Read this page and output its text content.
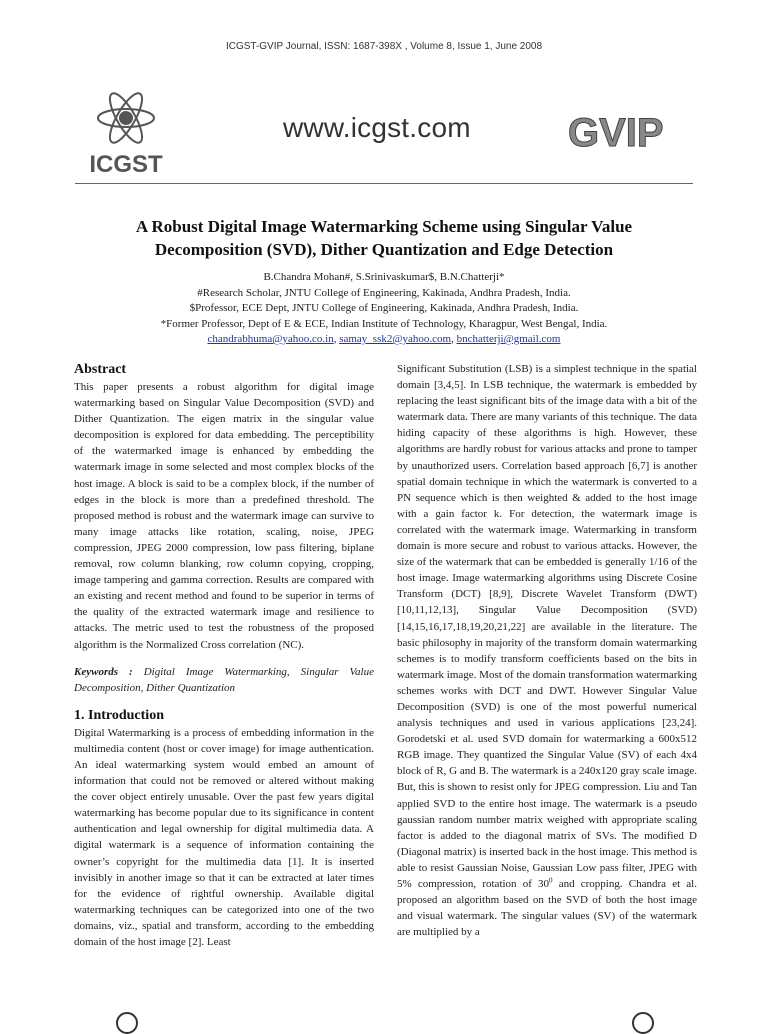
ICGST-GVIP Journal, ISSN: 1687-398X , Volume 8, Issue 1, June 2008
ICGST
www.icgst.com GVIP
A Robust Digital Image Watermarking Scheme using Singular Value
Decomposition (SVD), Dither Quantization and Edge Detection
B.Chandra Mohan#, S.Srinivaskumar$, B.N.Chatterji*
#Research Scholar, JNTU College of Engineering, Kakinada, Andhra Pradesh, India.
$Professor, ECE Dept, JNTU College of Engineering, Kakinada, Andhra Pradesh, India.
*Former Professor, Dept of E & ECE, Indian Institute of Technology, Kharagpur, West Bengal, India.
chandrabhuma@yahoo.co.in, samay_ssk2@yahoo.com, bnchatterji@gmail.com
Abstract

This paper presents a robust algorithm for digital image watermarking based on Singular Value Decomposition (SVD) and Dither Quantization. The eigen matrix in the singular value decomposition is explored for data embedding. The perceptibility of the watermarked image is enhanced by embedding the watermark image in some selected and most complex blocks of the host image. A block is said to be a complex block, if the number of edges in the block is more than a predefined threshold. The proposed method is robust and the watermark image can survive to many image attacks like rotation, scaling, noise, JPEG compression, JPEG 2000 compression, low pass filtering, biplane removal, row column blanking, row column copying, cropping, image tampering and gamma correction. Results are compared with an existing and recent method and found to be superior in terms of the quality of the extracted watermark image and resilience to attacks. The metric used to test the robustness of the proposed algorithm is the Normalized Cross correlation (NC).

Keywords : Digital Image Watermarking, Singular Value Decomposition, Dither Quantization

1. Introduction

Digital Watermarking is a process of embedding information in the multimedia content (host or cover image) for image authentication. An ideal watermarking system would embed an amount of information that could not be removed or altered without making the cover object entirely unusable. Over the past few years digital watermarking has become popular due to its significance in content authentication and legal ownership for digital multimedia data. A digital watermark is a sequence of information containing the owner’s copyright for the multimedia data [1]. It is inserted invisibly in another image so that it can be extracted at later times for the evidence of rightful ownership. Available digital watermarking techniques can be categorized into one of the two domains, viz., spatial and transform, according to the embedding domain of the host image [2]. Least

Significant Substitution (LSB) is a simplest technique in the spatial domain [3,4,5]. In LSB technique, the watermark is embedded by replacing the least significant bits of the image data with a bit of the watermark data. There are many variants of this technique. The data hiding capacity of these algorithms is high. However, these algorithms are hardly robust for various attacks and prone to tamper by unauthorized users. Correlation based approach [6,7] is another spatial domain technique in which the watermark is converted to a PN sequence which is then weighted & added to the host image with a gain factor k. For detection, the watermark image is correlated with the watermark image. Watermarking in transform domain is more secure and robust to various attacks. However, the size of the watermark that can be embedded is generally 1/16 of the host image. Image watermarking algorithms using Discrete Cosine Transform (DCT) [8,9], Discrete Wavelet Transform (DWT) [10,11,12,13], Singular Value Decomposition (SVD) [14,15,16,17,18,19,20,21,22] are available in the literature. The basic philosophy in majority of the transform domain watermarking schemes is to modify transform coefficients based on the bits in watermark image. Most of the domain transformation watermarking schemes works with DCT and DWT. However Singular Value Decomposition (SVD) is one of the most powerful numerical analysis techniques and used in various applications [23,24]. Gorodetski et al. used SVD domain for watermarking a 600x512 RGB image. They quantized the Singular Value (SV) of each 4x4 block of R, G and B. The watermark is a 240x120 gray scale image. But, this is shown to resist only for JPEG compression. Liu and Tan applied SVD to the entire host image. The watermark is a pseudo gaussian random number matrix weighed with appropriate scaling factor is added to the diagonal matrix of SVs. The modified D (Diagonal matrix) is inserted back in the host image. This method is able to resist Gaussian Noise, Gaussian Low pass filter, JPEG with 5% compression, rotation of $30^0$ and cropping. Chandra et al. proposed an algorithm based on the SVD of both the host image and visual watermark. The singular values (SV) of the watermark are multiplied by a
